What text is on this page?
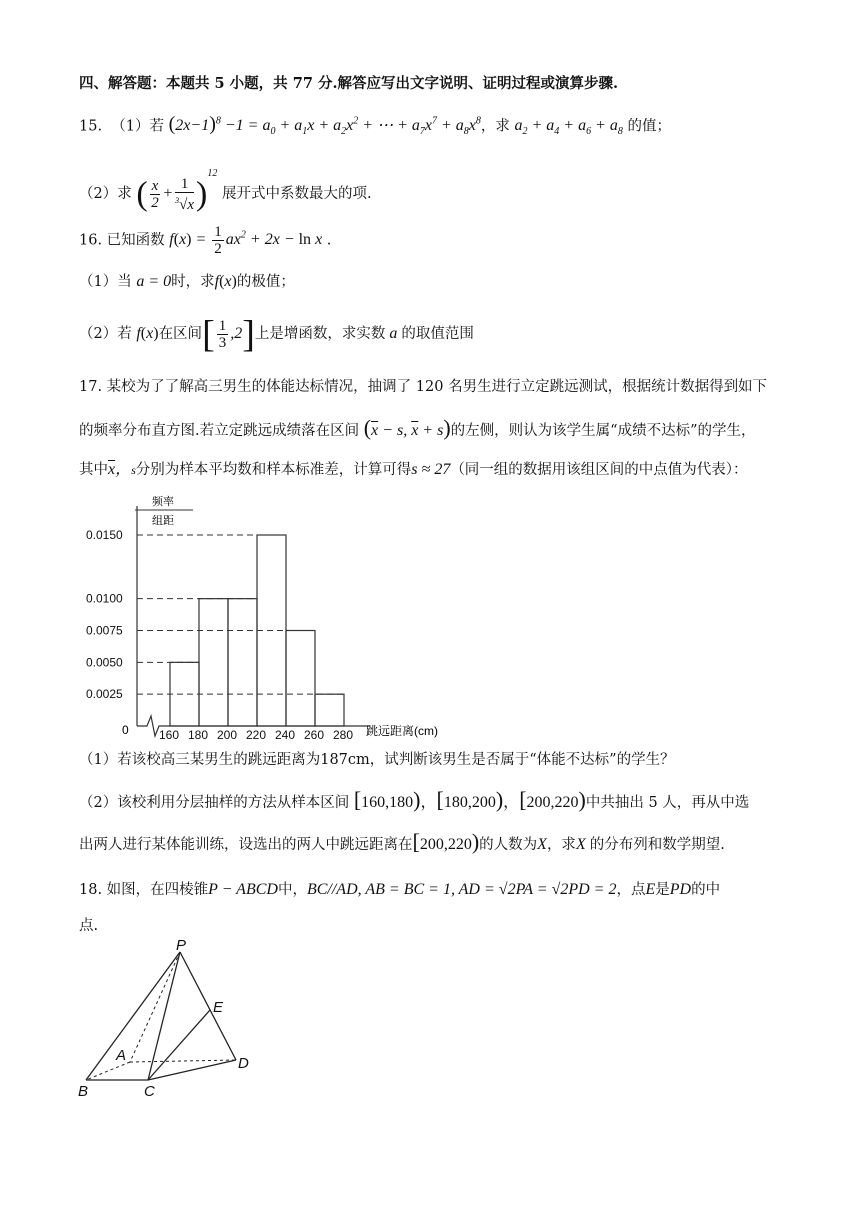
四、解答题：本题共 5 小题，共 77 分.解答应写出文字说明、证明过程或演算步骤.
15. （1）若 $(2x-1)^8 -1 = a_0 + a_1x + a_2x^2$ + ⋯ + $a_7x^7 + a_8x^8$，求 $a_2 + a_4 + a_6 + a_8$ 的值；
（2）求 ( $\frac{x}{2} + \frac{1}{^3√x} )^{12}$ 展开式中系数最大的项.
16. 已知函数 $f(x) = \frac{1}{2} ax^2 + 2x - \ln x$ .
（1）当 a = 0时，求f(x)的极值；
（2）若 f(x)在区间[ $\frac{1}{3} ,2$]上是增函数，求实数 a 的取值范围
17. 某校为了了解高三男生的体能达标情况，抽调了 120 名男生进行立定跳远测试，根据统计数据得到如下
的频率分布直方图.若立定跳远成绩落在区间 ($\overline{x} - s$, $\overline{x} + s$)的左侧，则认为该学生属“成绩不达标”的学生，
其中$\overline{x}$，s分别为样本平均数和样本标准差，计算可得s ≈ 27（同一组的数据用该组区间的中点值为代表）：
频率
组距
0	跳远距离(cm)
0.0025
0.0050
0.0075
0.0100
0.0150
160 180 200 220 240 260 280
（1）若该校高三某男生的跳远距离为187cm，试判断该男生是否属于“体能不达标”的学生？
（2）该校利用分层抽样的方法从样本区间 [160,180)，[180,200)，[200,220)中共抽出 5 人，再从中选
出两人进行某体能训练，设选出的两人中跳远距离在[200,220)的人数为X，求X 的分布列和数学期望.
18. 如图，在四棱锥P − ABCD中，BC//AD, AB = BC = 1, AD = √2PA = √2PD = 2，点E是PD的中
点.
P
E
A	D
B	C
